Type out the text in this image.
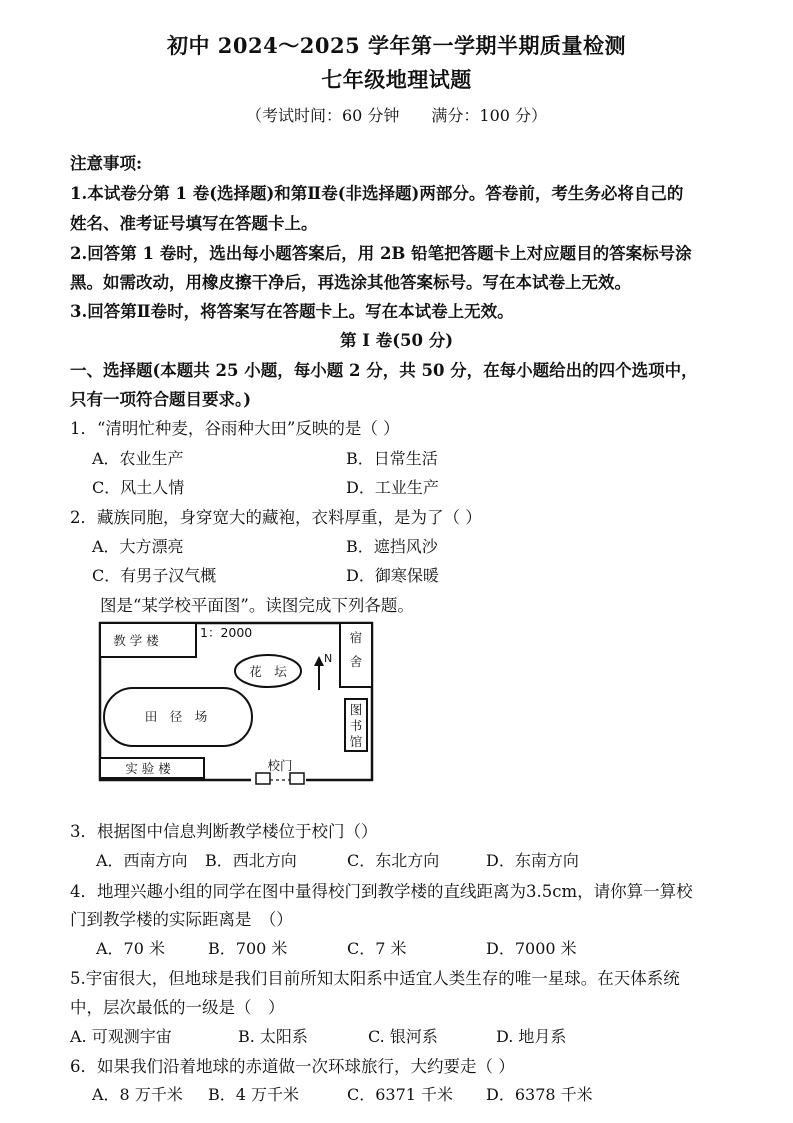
初中 2024～2025 学年第一学期半期质量检测
七年级地理试题
（考试时间：60 分钟　　满分：100 分）
注意事项:
1.本试卷分第 1 卷(选择题)和第Ⅱ卷(非选择题)两部分。答卷前，考生务必将自己的
姓名、准考证号填写在答题卡上。
2.回答第 1 卷时，选出每小题答案后，用 2B 铅笔把答题卡上对应题目的答案标号涂
黑。如需改动，用橡皮擦干净后，再选涂其他答案标号。写在本试卷上无效。
3.回答第Ⅱ卷时，将答案写在答题卡上。写在本试卷上无效。
第 I 卷(50 分)
一、选择题(本题共 25 小题，每小题 2 分，共 50 分，在每小题给出的四个选项中，
只有一项符合题目要求。)
1．“清明忙种麦，谷雨种大田”反映的是（ ）
A．农业生产	B．日常生活
C．风土人情	D．工业生产
2．藏族同胞，身穿宽大的藏袍，衣料厚重，是为了（ ）
A．大方漂亮	B．遮挡风沙
C．有男子汉气概	D．御寒保暖
图是“某学校平面图”。读图完成下列各题。
教 学 楼
1：2000	宿
舍
花　坛
N
田　径　场	图
书
馆
实 验 楼	校门
3．根据图中信息判断教学楼位于校门（）
A．西南方向 B．西北方向	C．东北方向	D．东南方向
4．地理兴趣小组的同学在图中量得校门到教学楼的直线距离为3.5cm，请你算一算校
门到教学楼的实际距离是　（）
A．70 米	B．700 米	C．7 米	D．7000 米
5.宇宙很大，但地球是我们目前所知太阳系中适宜人类生存的唯一星球。在天体系统
中，层次最低的一级是（　）
A. 可观测宇宙	B. 太阳系	C. 银河系	D. 地月系
6．如果我们沿着地球的赤道做一次环球旅行，大约要走（ ）
A．8 万千米 B．4 万千米	C．6371 千米 D．6378 千米
